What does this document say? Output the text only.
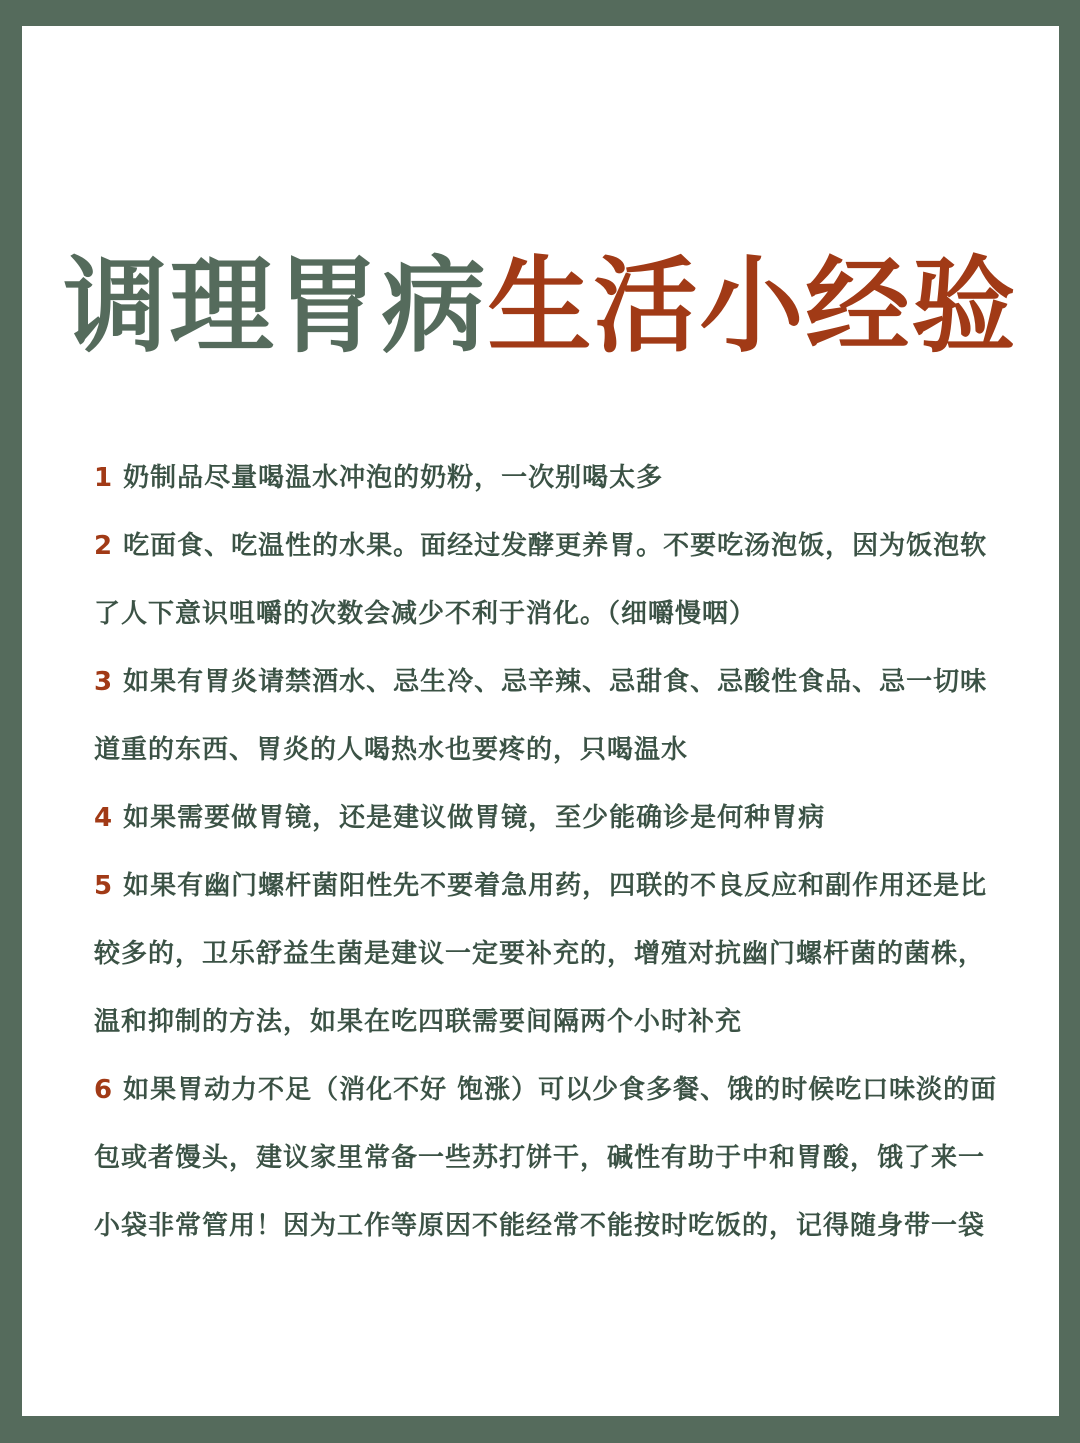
调理胃病生活小经验
1 奶制品尽量喝温水冲泡的奶粉，一次别喝太多
2 吃面食、吃温性的水果。面经过发酵更养胃。不要吃汤泡饭，因为饭泡软了人下意识咀嚼的次数会减少不利于消化。（细嚼慢咽）
3 如果有胃炎请禁酒水、忌生冷、忌辛辣、忌甜食、忌酸性食品、忌一切味道重的东西、胃炎的人喝热水也要疼的，只喝温水
4 如果需要做胃镜，还是建议做胃镜，至少能确诊是何种胃病
5 如果有幽门螺杆菌阳性先不要着急用药，四联的不良反应和副作用还是比较多的，卫乐舒益生菌是建议一定要补充的，增殖对抗幽门螺杆菌的菌株，温和抑制的方法，如果在吃四联需要间隔两个小时补充
6 如果胃动力不足（消化不好 饱涨）可以少食多餐、饿的时候吃口味淡的面包或者馒头，建议家里常备一些苏打饼干，碱性有助于中和胃酸，饿了来一小袋非常管用！因为工作等原因不能经常不能按时吃饭的，记得随身带一袋
